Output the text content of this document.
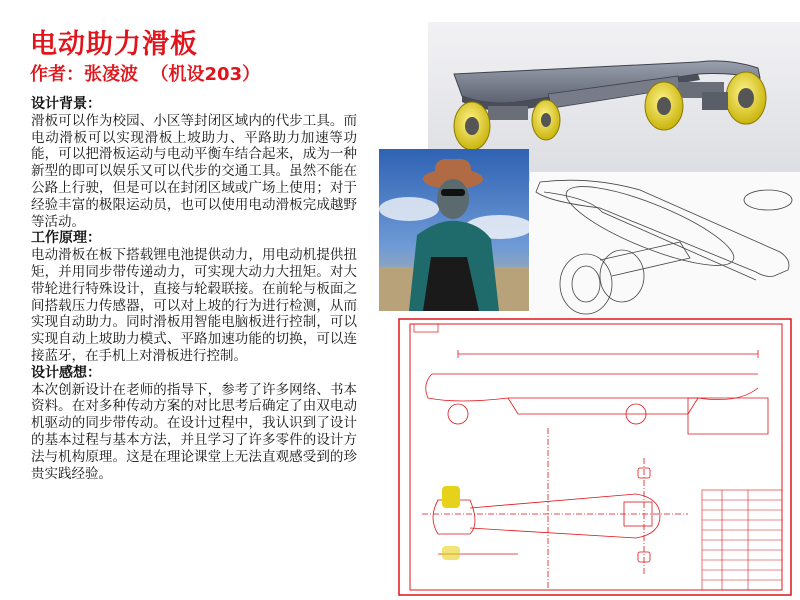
电动助力滑板
作者：张凌波  （机设203）
设计背景：

滑板可以作为校园、小区等封闭区域内的代步工具。而电动滑板可以实现滑板上坡助力、平路助力加速等功能，可以把滑板运动与电动平衡车结合起来，成为一种新型的即可以娱乐又可以代步的交通工具。虽然不能在公路上行驶，但是可以在封闭区域或广场上使用；对于经验丰富的极限运动员，也可以使用电动滑板完成越野等活动。

工作原理：

电动滑板在板下搭载锂电池提供动力，用电动机提供扭矩，并用同步带传递动力，可实现大动力大扭矩。对大带轮进行特殊设计，直接与轮毂联接。在前轮与板面之间搭载压力传感器，可以对上坡的行为进行检测，从而实现自动助力。同时滑板用智能电脑板进行控制，可以实现自动上坡助力模式、平路加速功能的切换，可以连接蓝牙，在手机上对滑板进行控制。

设计感想：

本次创新设计在老师的指导下，参考了许多网络、书本资料。在对多种传动方案的对比思考后确定了由双电动机驱动的同步带传动。在设计过程中，我认识到了设计的基本过程与基本方法，并且学习了许多零件的设计方法与机构原理。这是在理论课堂上无法直观感受到的珍贵实践经验。
